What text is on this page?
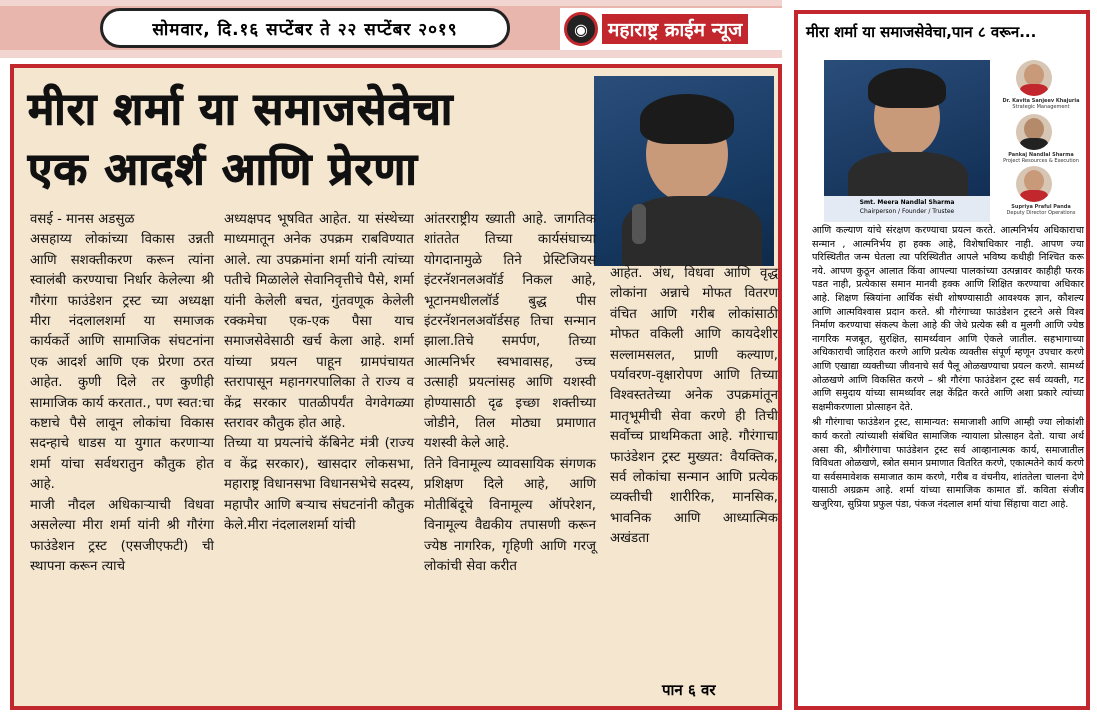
सोमवार, दि.१६ सप्टेंबर ते २२ सप्टेंबर २०१९	◉	महाराष्ट्र क्राईम न्यूज
मीरा शर्मा या समाजसेवेचा
एक आदर्श आणि प्रेरणा

वसई - मानस अडसुळ

असहाय्य लोकांच्या विकास उन्नती आणि सशक्तीकरण करून त्यांना स्वालंबी करण्याचा निर्धार केलेल्या श्री गौरंगा फाउंडेशन ट्रस्ट च्या अध्यक्षा मीरा नंदलालशर्मा या समाजक कार्यकर्ते आणि सामाजिक संघटनांना एक आदर्श आणि एक प्रेरणा ठरत आहेत. कुणी दिले तर कुणीही सामाजिक कार्य करतात., पण स्वत:चा कष्टाचे पैसे लावून लोकांचा विकास सदन्हाचे धाडस या युगात करणाऱ्या शर्मा यांचा सर्वथरातुन कौतुक होत आहे.

माजी नौदल अधिकाऱ्याची विधवा असलेल्या मीरा शर्मा यांनी श्री गौरंगा फाउंडेशन ट्रस्ट (एसजीएफटी) ची स्थापना करून त्याचे

अध्यक्षपद भूषवित आहेत. या संस्थेच्या माध्यमातून अनेक उपक्रम राबविण्यात आले. त्या उपक्रमांना शर्मा यांनी त्यांच्या पतीचे मिळालेले सेवानिवृत्तीचे पैसे, शर्मा यांनी केलेली बचत, गुंतवणूक केलेली रक्कमेचा एक-एक पैसा याच समाजसेवेसाठी खर्च केला आहे. शर्मा यांच्या प्रयत्न पाहून ग्रामपंचायत स्तरापासून महानगरपालिका ते राज्य व केंद्र सरकार पातळीपर्यंत वेगवेगळ्या स्तरावर कौतुक होत आहे.

तिच्या या प्रयत्नांचे कॅबिनेट मंत्री (राज्य व केंद्र सरकार), खासदार लोकसभा, महाराष्ट्र विधानसभा विधानसभेचे सदस्य, महापौर आणि बऱ्याच संघटनांनी कौतुक केले.मीरा नंदलालशर्मा यांची

आंतरराष्ट्रीय ख्याती आहे. जागतिक शांततेत तिच्या कार्यसंघाच्या योगदानामुळे तिने प्रेस्टिजियस इंटरनॅशनलअवॉर्ड निकल आहे, भूटानमधीललॉर्ड बुद्ध पीस इंटरनॅशनलअवॉर्डसह तिचा सन्मान झाला.तिचे समर्पण, तिच्या आत्मनिर्भर स्वभावासह, उच्च उत्साही प्रयत्नांसह आणि यशस्वी होण्यासाठी दृढ इच्छा शक्तीच्या जोडीने, तिल मोठ्या प्रमाणात यशस्वी केले आहे.

तिने विनामूल्य व्यावसायिक संगणक प्रशिक्षण दिले आहे, आणि मोतीबिंदूचे विनामूल्य ऑपरेशन, विनामूल्य वैद्यकीय तपासणी करून ज्येष्ठ नागरिक, गृहिणी आणि गरजू लोकांची सेवा करीत

आहेत. अंध, विधवा आणि वृद्ध लोकांना अन्नाचे मोफत वितरण वंचित आणि गरीब लोकांसाठी मोफत वकिली आणि कायदेशीर सल्लामसलत, प्राणी कल्याण, पर्यावरण-वृक्षारोपण आणि तिच्या विश्वस्ततेच्या अनेक उपक्रमांतून मातृभूमीची सेवा करणे ही तिची सर्वोच्च प्राथमिकता आहे. गौरंगाचा फाउंडेशन ट्रस्ट मुख्यत: वैयक्तिक, सर्व लोकांचा सन्मान आणि प्रत्येक व्यक्तीची शारीरिक, मानसिक, भावनिक आणि आध्यात्मिक अखंडता

पान ६ वर
मीरा शर्मा या समाजसेवेचा,पान ८ वरून...
Smt. Meera Nandlal Sharma
Chairperson / Founder / Trustee
Dr. Kavita Sanjeev Khajuria
Strategic Management
Pankaj Nandlal Sharma
Project Resources & Execution
Supriya Praful Panda
Deputy Director Operations

आणि कल्याण यांचे संरक्षण करण्याचा प्रयत्न करते. आत्मनिर्भय अधिकाराचा सन्मान , आत्मनिर्भय हा हक्क आहे, विशेषाधिकार नाही. आपण ज्या परिस्थितीत जन्म घेतला त्या परिस्थितीत आपले भविष्य कधीही निश्चित करू नये. आपण कुठून आलात किंवा आपल्या पालकांच्या उत्पन्नावर काहीही फरक पडत नाही, प्रत्येकास समान मानवी हक्क आणि शिक्षित करण्याचा अधिकार आहे. शिक्षण स्त्रियांना आर्थिक संधी शोषण्यासाठी आवश्यक ज्ञान, कौशल्य आणि आत्मविश्वास प्रदान करते. श्री गौरंगाच्या फाउंडेशन ट्रस्टने असे विश्व निर्माण करण्याचा संकल्प केला आहे की जेथे प्रत्येक स्त्री व मुलगी आणि ज्येष्ठ नागरिक मजबूत, सुरक्षित, सामर्थ्यवान आणि ऐकले जातील. सहभागाच्या अधिकाराची जाहिरात करणे आणि प्रत्येक व्यक्तीस संपूर्ण म्हणून उपचार करणे आणि एखाद्या व्यक्तीच्या जीवनाचे सर्व पैलू ओळखण्याचा प्रयत्न करणे. सामर्थ्य ओळखणे आणि विकसित करणे – श्री गौरंगा फाउंडेशन ट्रस्ट सर्व व्यक्ती, गट आणि समुदाय यांच्या सामर्थ्यावर लक्ष केंद्रित करते आणि अशा प्रकारे त्यांच्या सक्षमीकरणाला प्रोत्साहन देते.

श्री गौरंगाचा फाउंडेशन ट्रस्ट, सामान्यत: समाजाशी आणि आम्ही ज्या लोकांशी कार्य करतो त्यांच्याशी संबंधित सामाजिक न्यायाला प्रोत्साहन देतो. याचा अर्थ असा की, श्रीगौरंगाचा फाउंडेशन ट्रस्ट सर्व आव्हानात्मक कार्य, समाजातील विविधता ओळखणे, स्त्रोत समान प्रमाणात वितरित करणे, एकात्मतेने कार्य करणे या सर्वसमावेशक समाजात काम करणे, गरीब व वंचनीय, शांततेला चालना देणे यासाठी अग्रक्रम आहे. शर्मा यांच्या सामाजिक कामात डॉ. कविता संजीव खजुरिया, सुप्रिया प्रफुल पंडा, पंकज नंदलाल शर्मा यांचा सिंहाचा वाटा आहे.
